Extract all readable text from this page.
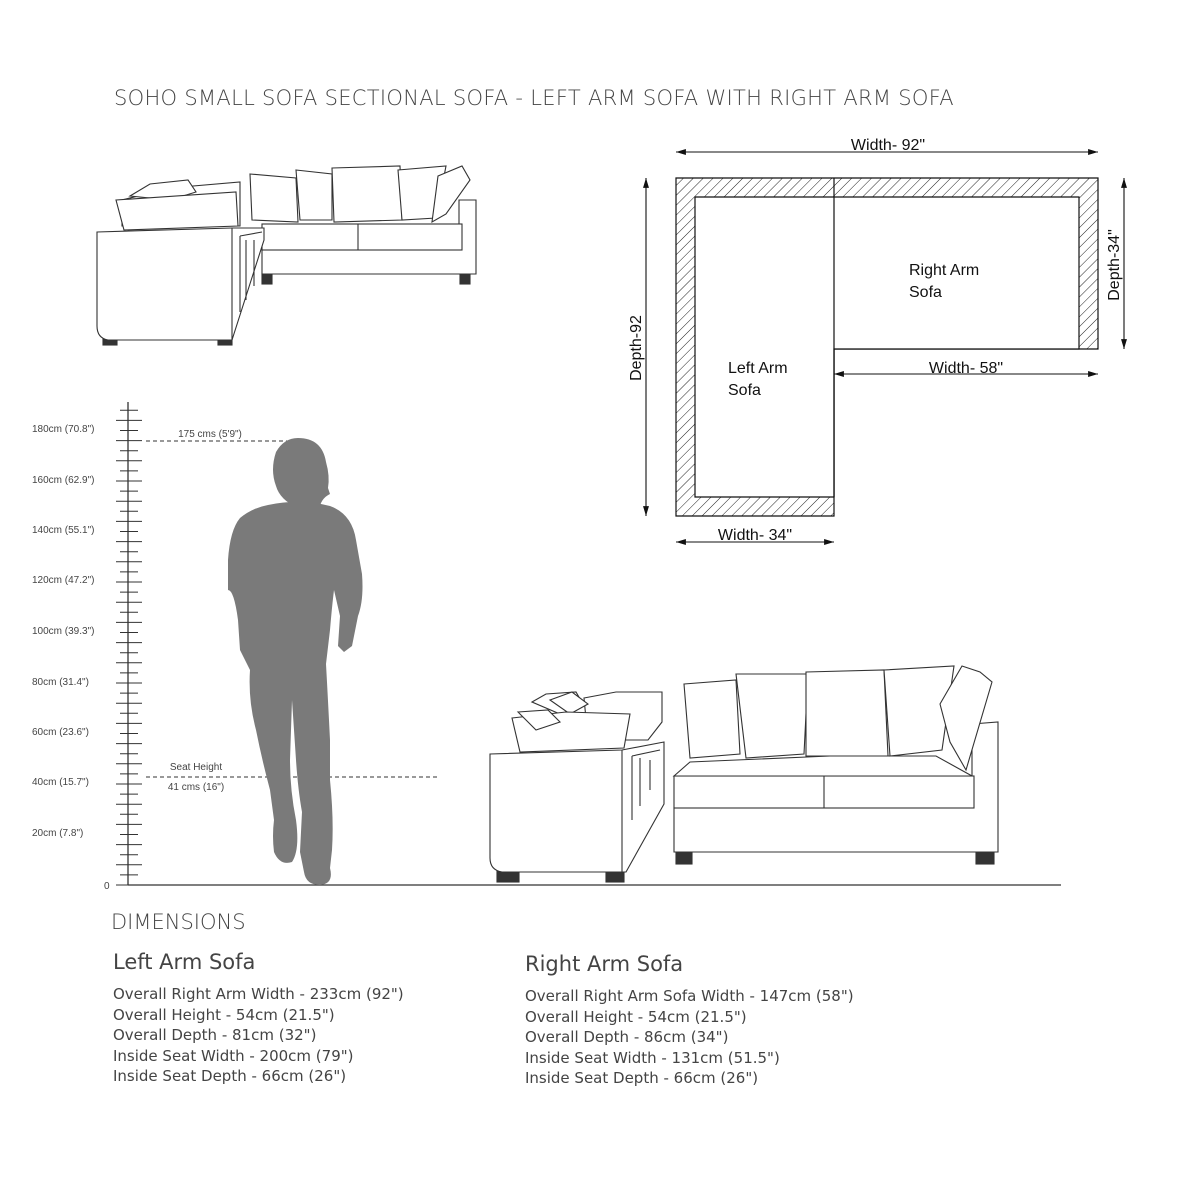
SOHO SMALL SOFA SECTIONAL SOFA - LEFT ARM SOFA WITH RIGHT ARM SOFA
Width- 92"
Depth-92
Depth-34"
Width- 58"
Width- 34"
Right Arm
Sofa
Left Arm
Sofa
180cm (70.8")
160cm (62.9")
140cm (55.1")
120cm (47.2")
100cm (39.3")
80cm (31.4")
60cm (23.6")
40cm (15.7")
20cm (7.8")
0
175 cms (5'9")
Seat Height
41 cms (16")
DIMENSIONS
Left Arm Sofa
Overall Right Arm Width - 233cm (92")
Overall Height - 54cm (21.5")
Overall Depth - 81cm (32")
Inside Seat Width - 200cm (79")
Inside Seat Depth - 66cm (26")
Right Arm Sofa
Overall Right Arm Sofa Width - 147cm (58")
Overall Height - 54cm (21.5")
Overall Depth - 86cm (34")
Inside Seat Width - 131cm (51.5")
Inside Seat Depth - 66cm (26")
